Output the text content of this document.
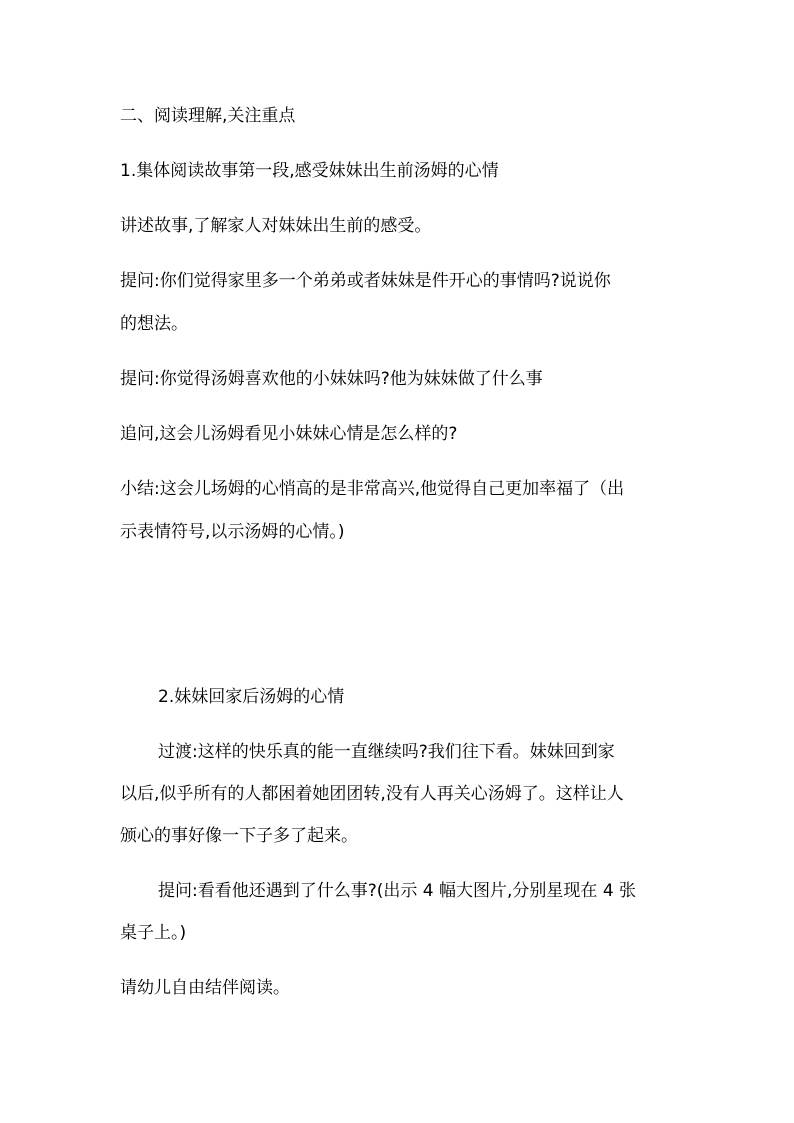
二、阅读理解,关注重点

1.集体阅读故事第一段,感受妹妹出生前汤姆的心情

讲述故事,了解家人对妹妹出生前的感受。

提问:你们觉得家里多一个弟弟或者妹妹是件开心的事情吗?说说你

的想法。

提问:你觉得汤姆喜欢他的小妹妹吗?他为妹妹做了什么事

追问,这会儿汤姆看见小妹妹心情是怎么样的?

小结:这会儿场姆的心悄高的是非常高兴,他觉得自己更加率福了（出

示表情符号,以示汤姆的心情。)

2.妹妹回家后汤姆的心情

过渡:这样的快乐真的能一直继续吗?我们往下看。妹妹回到家

以后,似乎所有的人都困着她团团转,没有人再关心汤姆了。这样让人

颁心的事好像一下子多了起来。

提问:看看他还遇到了什么事?(出示 4 幅大图片,分别星现在 4 张

桌子上。)

请幼儿自由结伴阅读。
